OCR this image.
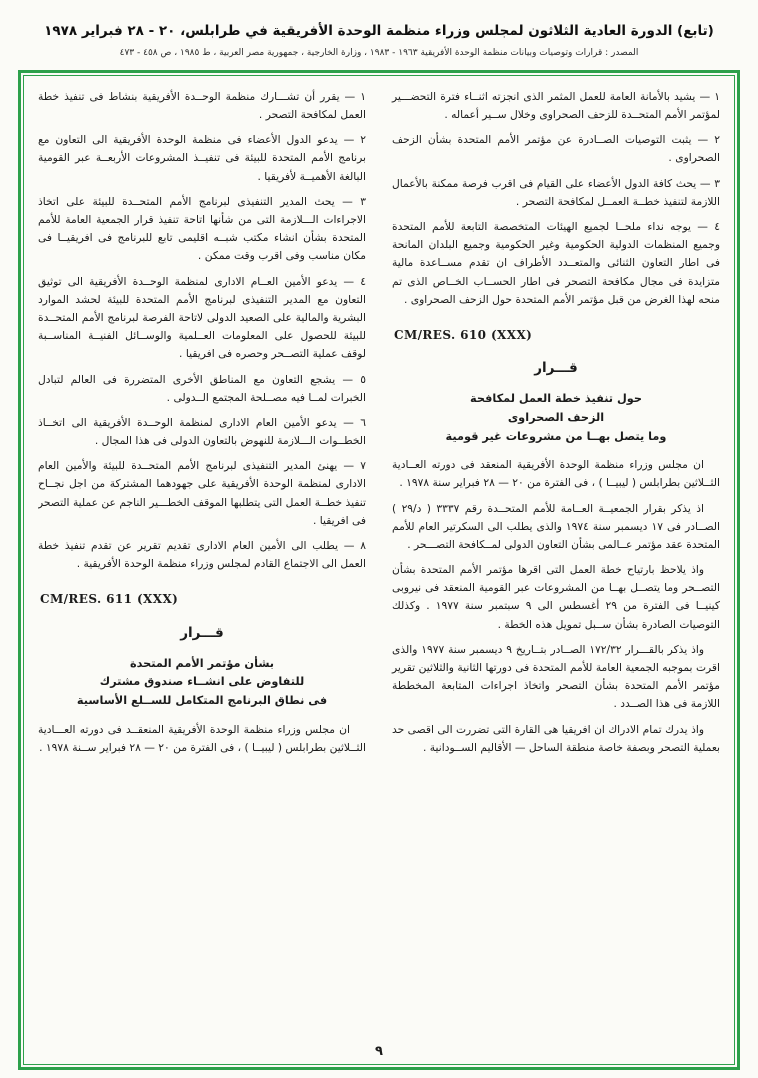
(تابع) الدورة العادية الثلاثون لمجلس وزراء منظمة الوحدة الأفريقية في طرابلس، ٢٠ - ٢٨ فبراير ١٩٧٨
المصدر : قرارات وتوصيات وبيانات منظمة الوحدة الأفريقية ١٩٦٣ - ١٩٨٣ ، وزارة الخارجية ، جمهورية مصر العربية ، ط ١٩٨٥ ، ص ٤٥٨ - ٤٧٣

١ — يشيد بالأمانة العامة للعمل المثمر الذى انجزته اثنــاء فترة التحضـــير لمؤتمر الأمم المتحــدة للزحف الصحراوى وخلال ســير أعماله .

٢ — يثبت التوصيات الصــادرة عن مؤتمر الأمم المتحدة بشأن الزحف الصحراوى .

٣ — يحث كافة الدول الأعضاء على القيام فى اقرب فرصة ممكنة بالأعمال اللازمة لتنفيذ خطــة العمــل لمكافحة التصحر .

٤ — يوجه نداء ملحــا لجميع الهيئات المتخصصة التابعة للأمم المتحدة وجميع المنظمات الدولية الحكومية وغير الحكومية وجميع البلدان المانحة فى اطار التعاون الثنائى والمتعــدد الأطراف ان تقدم مســاعدة مالية متزايدة فى مجال مكافحة التصحر فى اطار الحســاب الخــاص الذى تم منحه لهذا الغرض من قبل مؤتمر الأمم المتحدة حول الزحف الصحراوى .

CM/RES. 610 (XXX)

قـــرار
حول تنفيذ خطة العمل لمكافحة
الزحف الصحراوى
وما يتصل بهــا من مشروعات غير قومية

ان مجلس وزراء منظمة الوحدة الأفريقية المنعقد فى دورته العــادية الثــلاثين بطرابلس ( ليبيــا ) ، فى الفترة من ٢٠ — ٢٨ فبراير سنة ١٩٧٨ .

اذ يذكر بقرار الجمعيــة العــامة للأمم المتحــدة رقم ٣٣٣٧ ( د/٢٩ ) الصــادر فى ١٧ ديسمبر سنة ١٩٧٤ والذى يطلب الى السكرتير العام للأمم المتحدة عقد مؤتمر عــالمى بشأن التعاون الدولى لمــكافحة التصـــحر .

واذ يلاحظ بارتياح خطة العمل التى اقرها مؤتمر الأمم المتحدة بشأن التصــحر وما يتصــل بهــا من المشروعات عبر القومية المنعقد فى نيروبى كينيــا فى الفترة من ٢٩ أغسطس الى ٩ سبتمبر سنة ١٩٧٧ . وكذلك التوصيات الصادرة بشأن ســبل تمويل هذه الخطة .

واذ يذكر بالقـــرار ١٧٢/٣٢ الصــادر بتــاريخ ٩ ديسمبر سنة ١٩٧٧ والذى اقرت بموجبه الجمعية العامة للأمم المتحدة فى دورتها الثانية والثلاثين تقرير مؤتمر الأمم المتحدة بشأن التصحر واتخاذ اجراءات المتابعة المخططة اللازمة فى هذا الصــدد .

واذ يدرك تمام الادراك ان افريقيا هى القارة التى تضررت الى اقصى حد بعملية التصحر وبصفة خاصة منطقة الساحل — الأقاليم الســودانية .

١ — يقرر أن تشـــارك منظمة الوحــدة الأفريقية بنشاط فى تنفيذ خطة العمل لمكافحة التصحر .

٢ — يدعو الدول الأعضاء فى منظمة الوحدة الأفريقية الى التعاون مع برنامج الأمم المتحدة للبيئة فى تنفيــذ المشروعات الأربعــة عبر القومية البالغة الأهميــة لأفريقيا .

٣ — يحث المدير التنفيذى لبرنامج الأمم المتحــدة للبيئة على اتخاذ الاجراءات الـــلازمة التى من شأنها اتاحة تنفيذ قرار الجمعية العامة للأمم المتحدة بشأن انشاء مكتب شبــه اقليمى تابع للبرنامج فى افريقيــا فى مكان مناسب وفى اقرب وقت ممكن .

٤ — يدعو الأمين العــام الادارى لمنظمة الوحــدة الأفريقية الى توثيق التعاون مع المدير التنفيذى لبرنامج الأمم المتحدة للبيئة لحشد الموارد البشرية والمالية على الصعيد الدولى لاتاحة الفرصة لبرنامج الأمم المتحــدة للبيئة للحصول على المعلومات العــلمية والوســائل الفنيــة المناســبة لوقف عملية التصــحر وحصره فى افريقيا .

٥ — يشجع التعاون مع المناطق الأخرى المتضررة فى العالم لتبادل الخبرات لمــا فيه مصــلحة المجتمع الــدولى .

٦ — يدعو الأمين العام الادارى لمنظمة الوحــدة الأفريقية الى اتخــاذ الخطــوات الـــلازمة للنهوض بالتعاون الدولى فى هذا المجال .

٧ — يهنئ المدير التنفيذى لبرنامج الأمم المتحــدة للبيئة والأمين العام الادارى لمنظمة الوحدة الأفريقية على جهودهما المشتركة من اجل نجــاح تنفيذ خطــة العمل التى يتطلبها الموقف الخطـــير الناجم عن عملية التصحر فى افريقيا .

٨ — يطلب الى الأمين العام الادارى تقديم تقرير عن تقدم تنفيذ خطة العمل الى الاجتماع القادم لمجلس وزراء منظمة الوحدة الأفريقية .

CM/RES. 611 (XXX)

قـــرار
بشأن مؤتمر الأمم المتحدة
للتفاوض على انشــاء صندوق مشترك
فى نطاق البرنامج المتكامل للســلع الأساسية

ان مجلس وزراء منظمة الوحدة الأفريقية المنعقــد فى دورته العـــادية الثــلاثين بطرابلس ( ليبيــا ) ، فى الفترة من ٢٠ — ٢٨ فبراير ســنة ١٩٧٨ .

٩
